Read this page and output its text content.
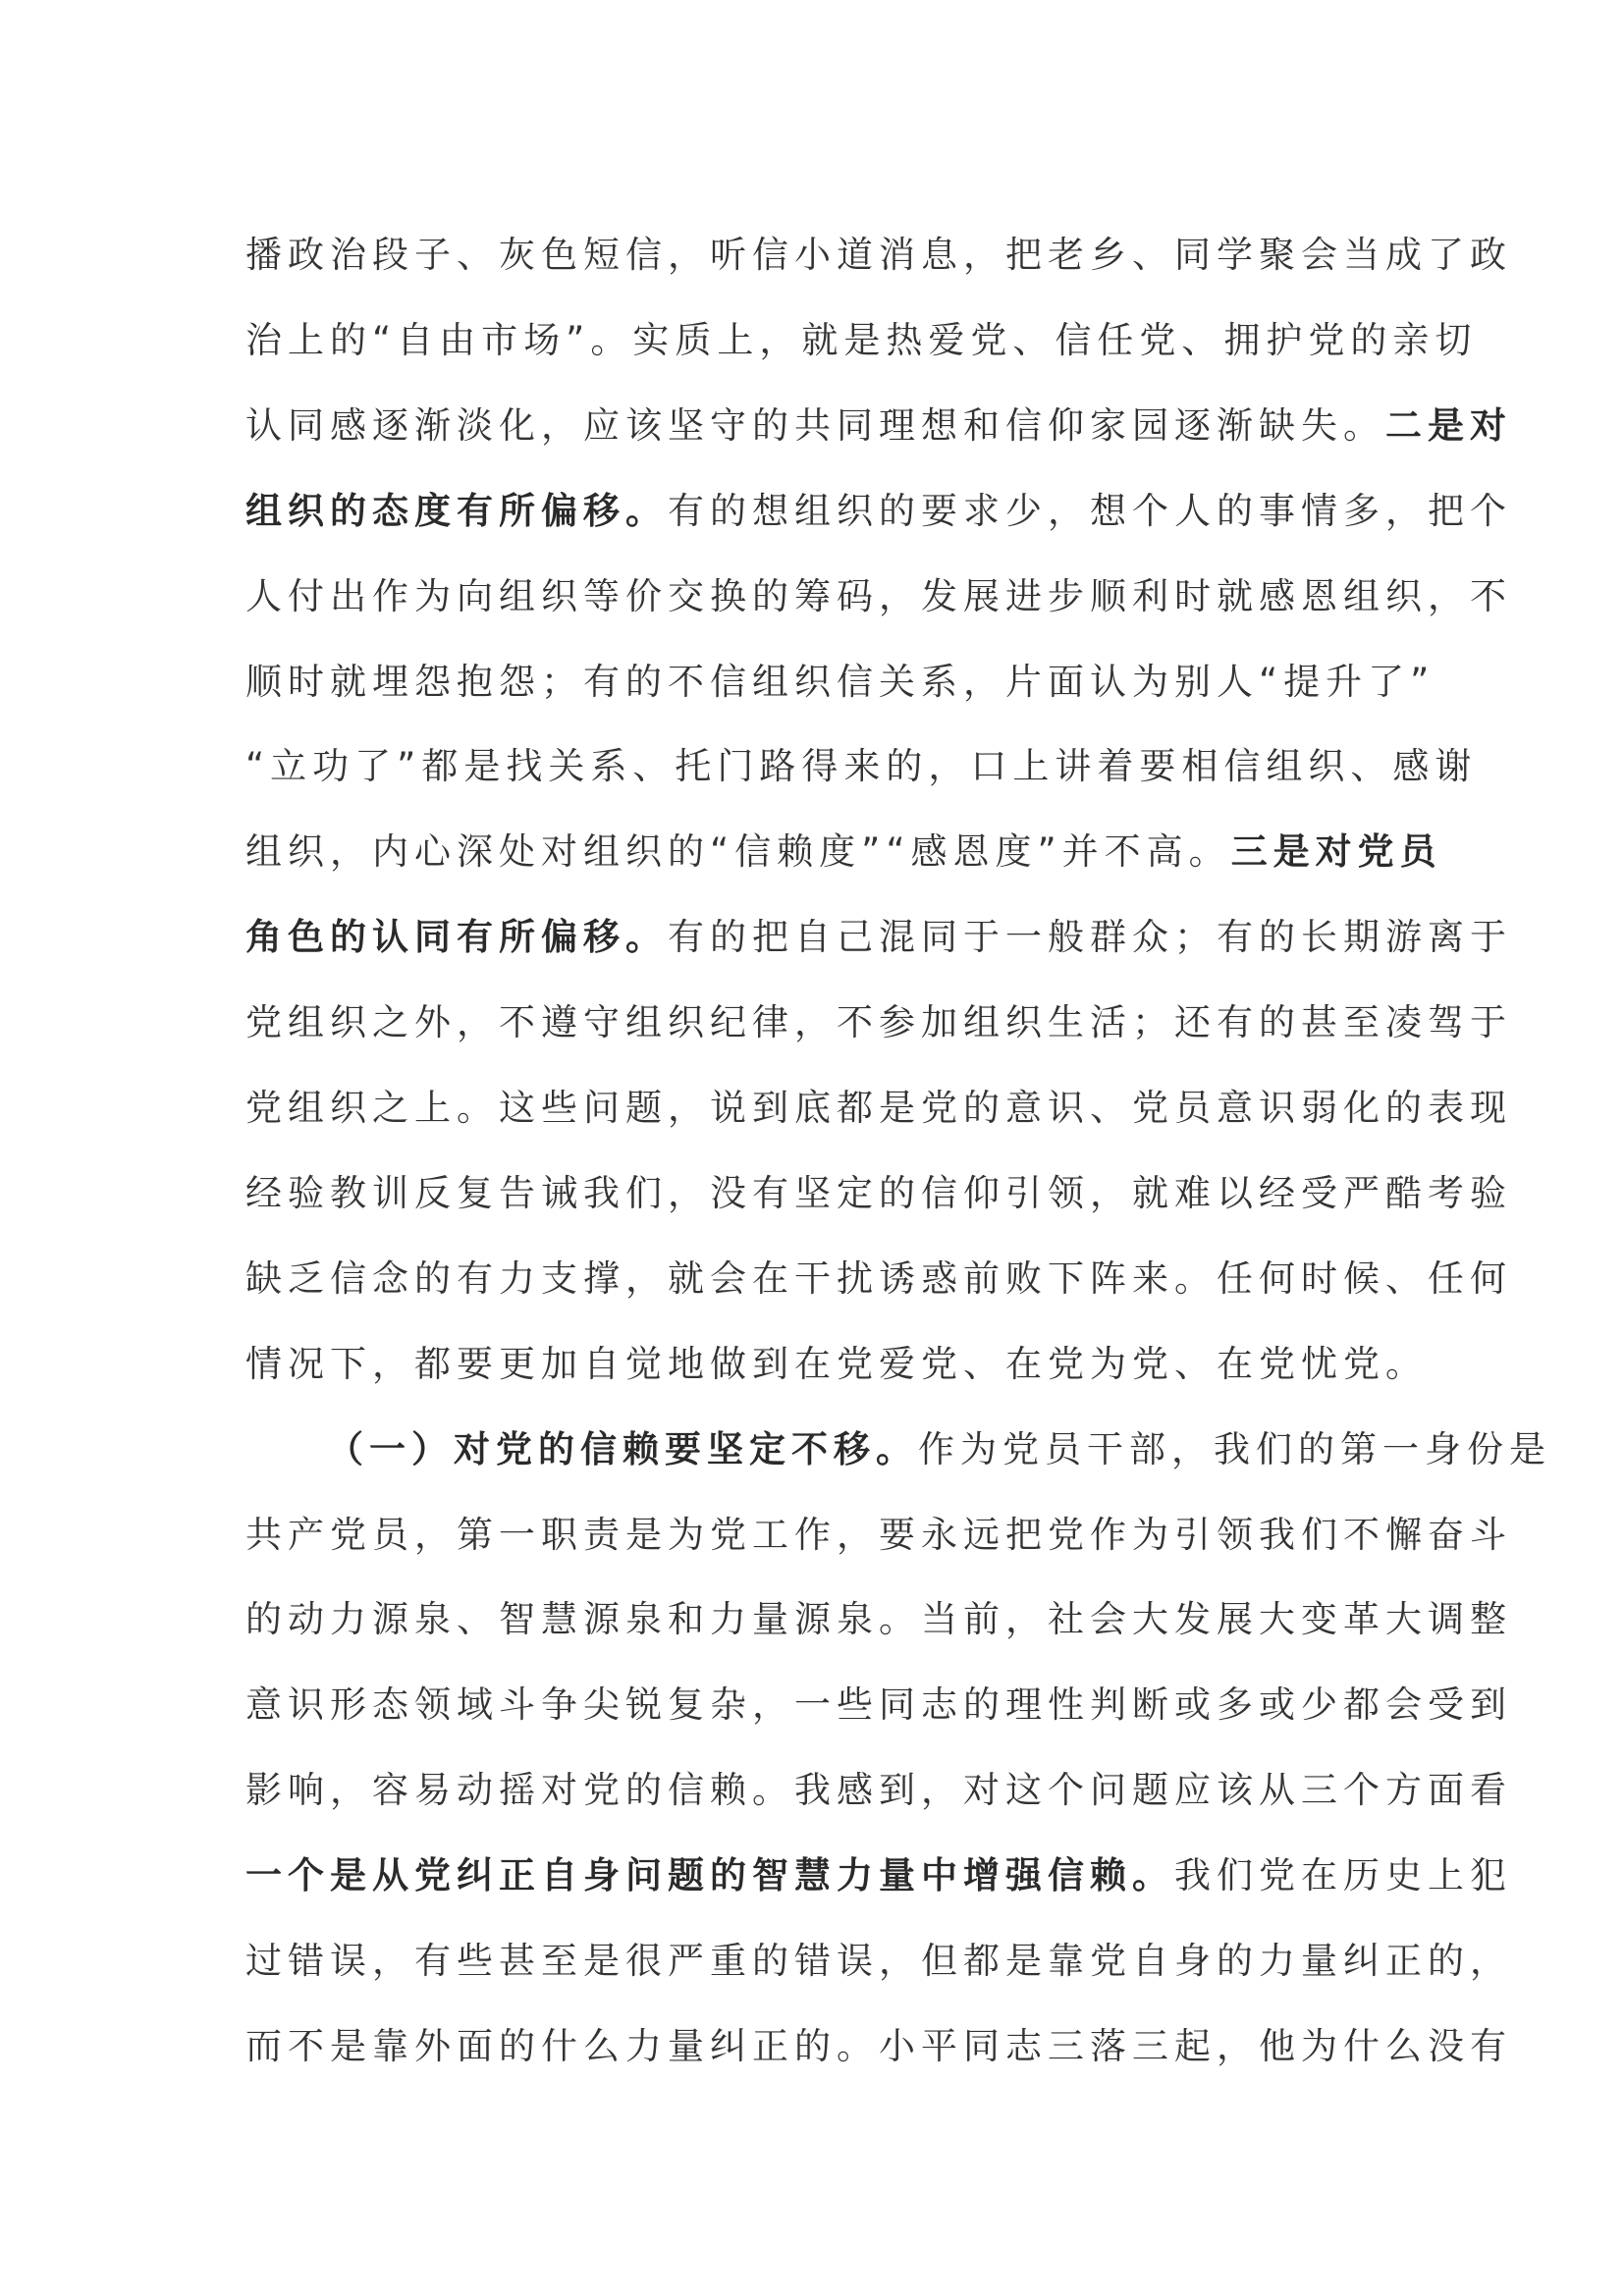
播政治段子、灰色短信，听信小道消息，把老乡、同学聚会当成了政
治上的“自由市场”。实质上，就是热爱党、信任党、拥护党的亲切
认同感逐渐淡化，应该坚守的共同理想和信仰家园逐渐缺失。二是对
组织的态度有所偏移。有的想组织的要求少，想个人的事情多，把个
人付出作为向组织等价交换的筹码，发展进步顺利时就感恩组织，不
顺时就埋怨抱怨；有的不信组织信关系，片面认为别人“提升了”
“立功了”都是找关系、托门路得来的，口上讲着要相信组织、感谢
组织，内心深处对组织的“信赖度”“感恩度”并不高。三是对党员
角色的认同有所偏移。有的把自己混同于一般群众；有的长期游离于
党组织之外，不遵守组织纪律，不参加组织生活；还有的甚至凌驾于
党组织之上。这些问题，说到底都是党的意识、党员意识弱化的表现
经验教训反复告诫我们，没有坚定的信仰引领，就难以经受严酷考验
缺乏信念的有力支撑，就会在干扰诱惑前败下阵来。任何时候、任何
情况下，都要更加自觉地做到在党爱党、在党为党、在党忧党。
（一）对党的信赖要坚定不移。作为党员干部，我们的第一身份是
共产党员，第一职责是为党工作，要永远把党作为引领我们不懈奋斗
的动力源泉、智慧源泉和力量源泉。当前，社会大发展大变革大调整
意识形态领域斗争尖锐复杂，一些同志的理性判断或多或少都会受到
影响，容易动摇对党的信赖。我感到，对这个问题应该从三个方面看
一个是从党纠正自身问题的智慧力量中增强信赖。我们党在历史上犯
过错误，有些甚至是很严重的错误，但都是靠党自身的力量纠正的，
而不是靠外面的什么力量纠正的。小平同志三落三起，他为什么没有
